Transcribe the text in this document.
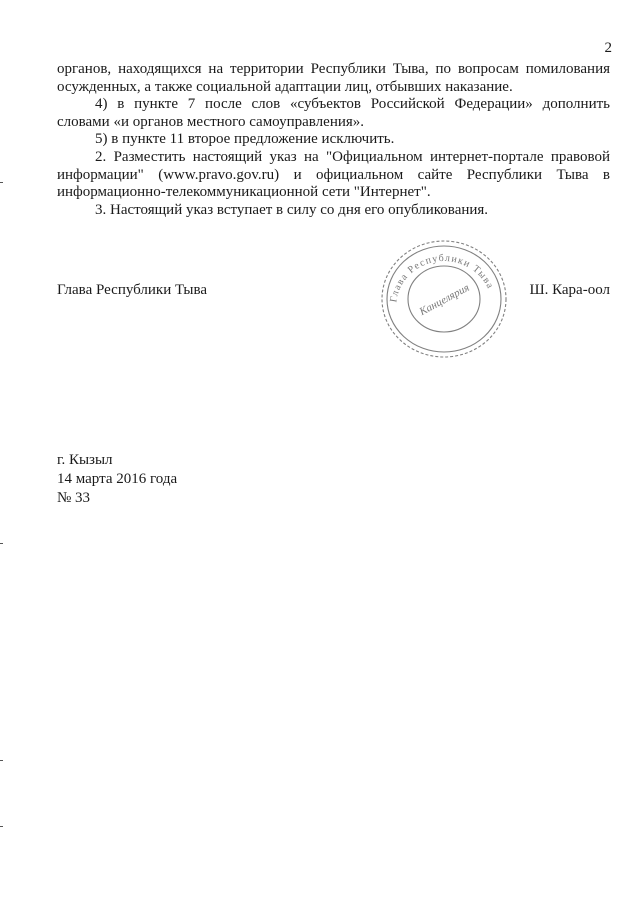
2

органов, находящихся на территории Республики Тыва, по вопросам помилования осужденных, а также социальной адаптации лиц, отбывших наказание.

4) в пункте 7 после слов «субъектов Российской Федерации» дополнить словами «и органов местного самоуправления».

5) в пункте 11 второе предложение исключить.

2. Разместить настоящий указ на "Официальном интернет-портале правовой информации" (www.pravo.gov.ru) и официальном сайте Республики Тыва в информационно-телекоммуникационной сети "Интернет".

3. Настоящий указ вступает в силу со дня его опубликования.

Глава Республики Тыва
Глава Республики Тыва
Канцелярия	Ш. Кара-оол
г. Кызыл
14 марта 2016 года
№ 33
